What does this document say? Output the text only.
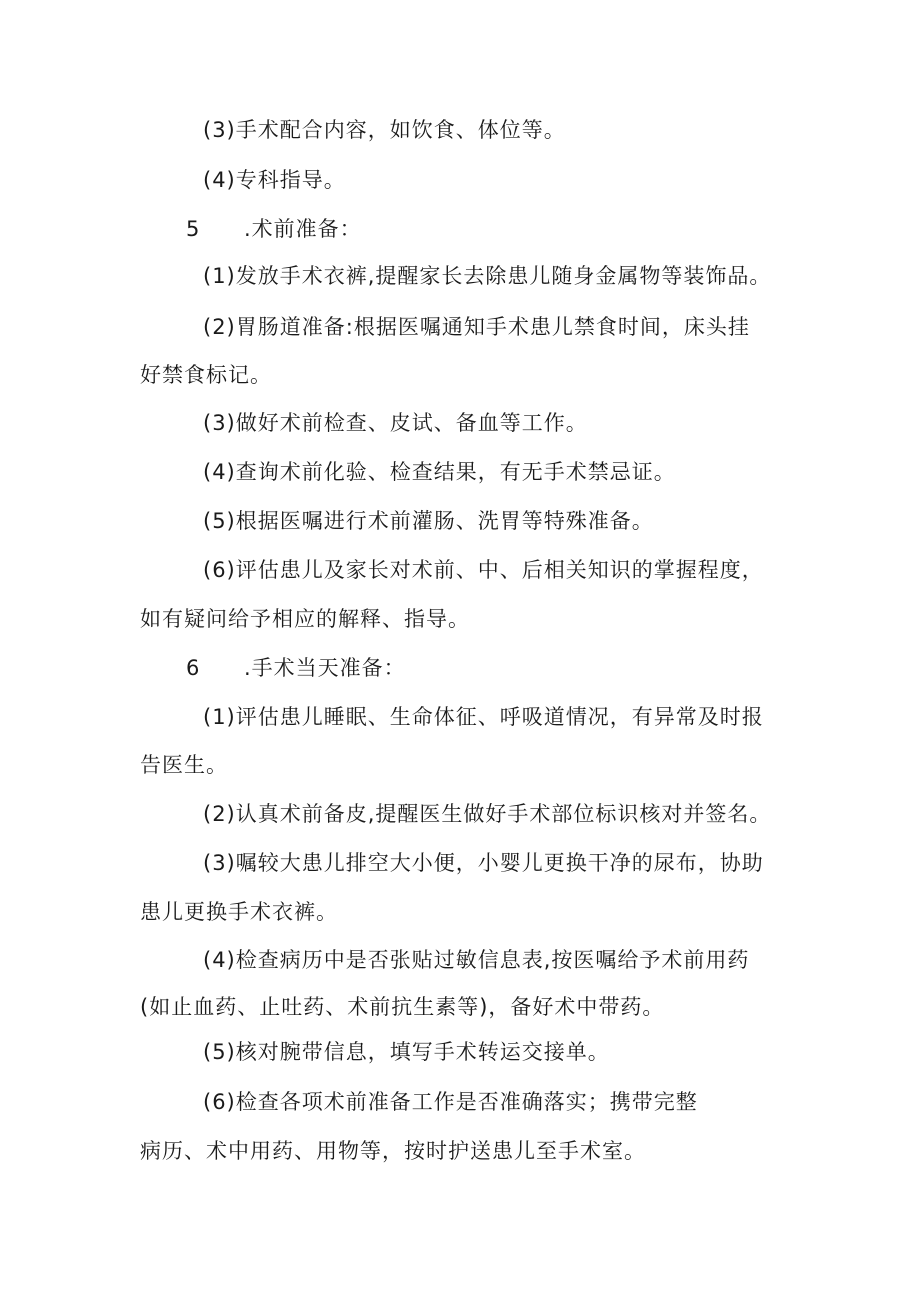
(3)手术配合内容，如饮食、体位等。
(4)专科指导。
5 .术前准备：
(1)发放手术衣裤,提醒家长去除患儿随身金属物等装饰品。
(2)胃肠道准备:根据医嘱通知手术患儿禁食时间，床头挂
好禁食标记。
(3)做好术前检查、皮试、备血等工作。
(4)查询术前化验、检查结果，有无手术禁忌证。
(5)根据医嘱进行术前灌肠、洗胃等特殊准备。
(6)评估患儿及家长对术前、中、后相关知识的掌握程度，
如有疑问给予相应的解释、指导。
6 .手术当天准备：
(1)评估患儿睡眠、生命体征、呼吸道情况，有异常及时报
告医生。
(2)认真术前备皮,提醒医生做好手术部位标识核对并签名。
(3)嘱较大患儿排空大小便，小婴儿更换干净的尿布，协助
患儿更换手术衣裤。
(4)检查病历中是否张贴过敏信息表,按医嘱给予术前用药
(如止血药、止吐药、术前抗生素等)，备好术中带药。
(5)核对腕带信息，填写手术转运交接单。
(6)检查各项术前准备工作是否准确落实；携带完整
病历、术中用药、用物等，按时护送患儿至手术室。
